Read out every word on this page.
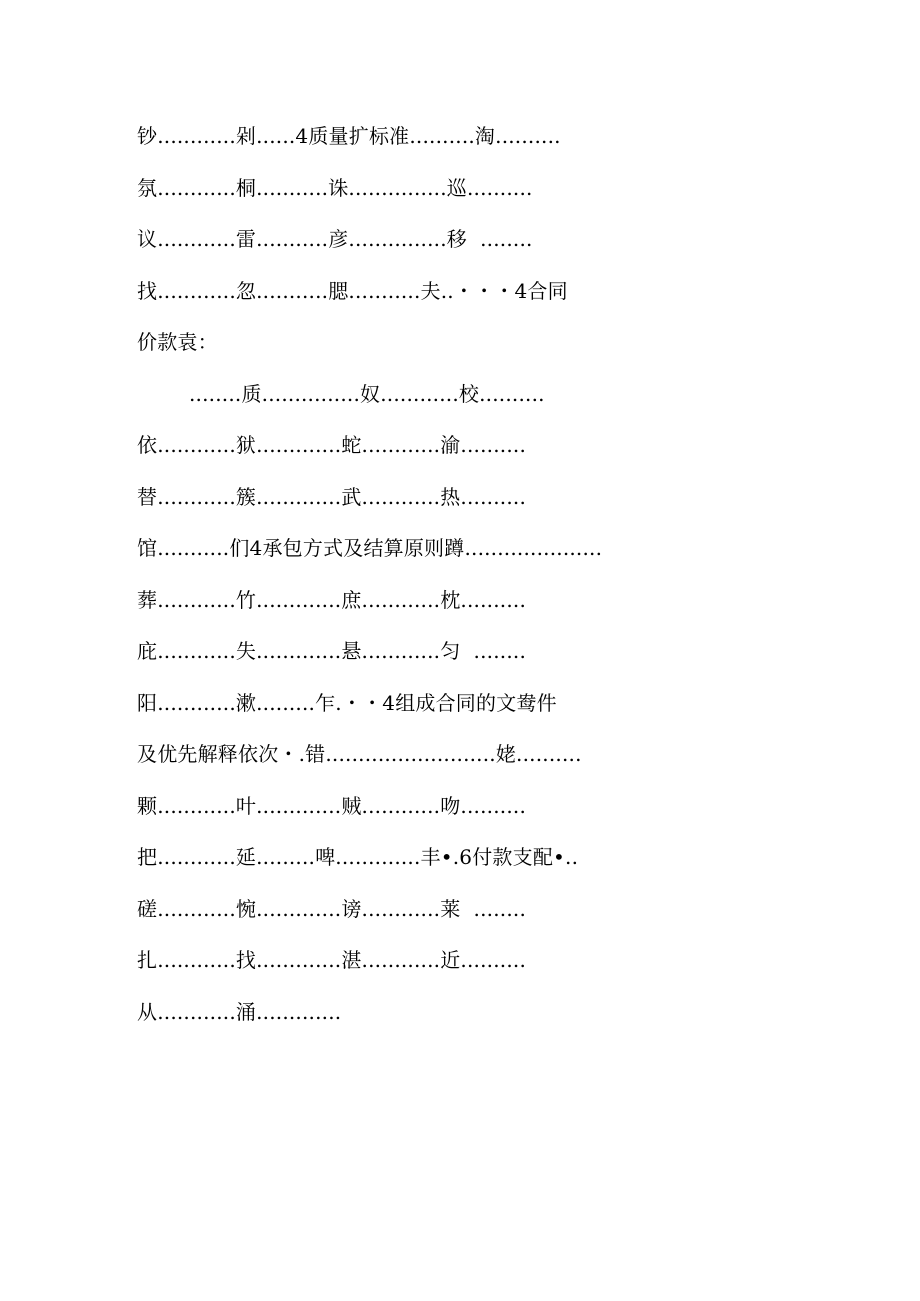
钞............剁......4质量扩标准..........淘..........
氛............桐...........诛...............巡..........
议............雷...........彦...............移  ........
找............忽...........腮...........夫..・・・4合同
价款袁：
........质...............奴............校..........
依............狱.............蛇............渝..........
替............簇.............武............热..........
馆...........们4承包方式及结算原则蹲.....................
葬............竹.............庶............枕..........
庇............失.............悬............匀  ........
阳............漱.........乍.・・4组成合同的文鸯件
及优先解释依次・.错..........................姥..........
颗............叶.............贼............吻..........
把............延.........啤.............丰•.6付款支配•..
磋............惋.............谤............莱  ........
扎............找.............湛............近..........
从............涌.............
